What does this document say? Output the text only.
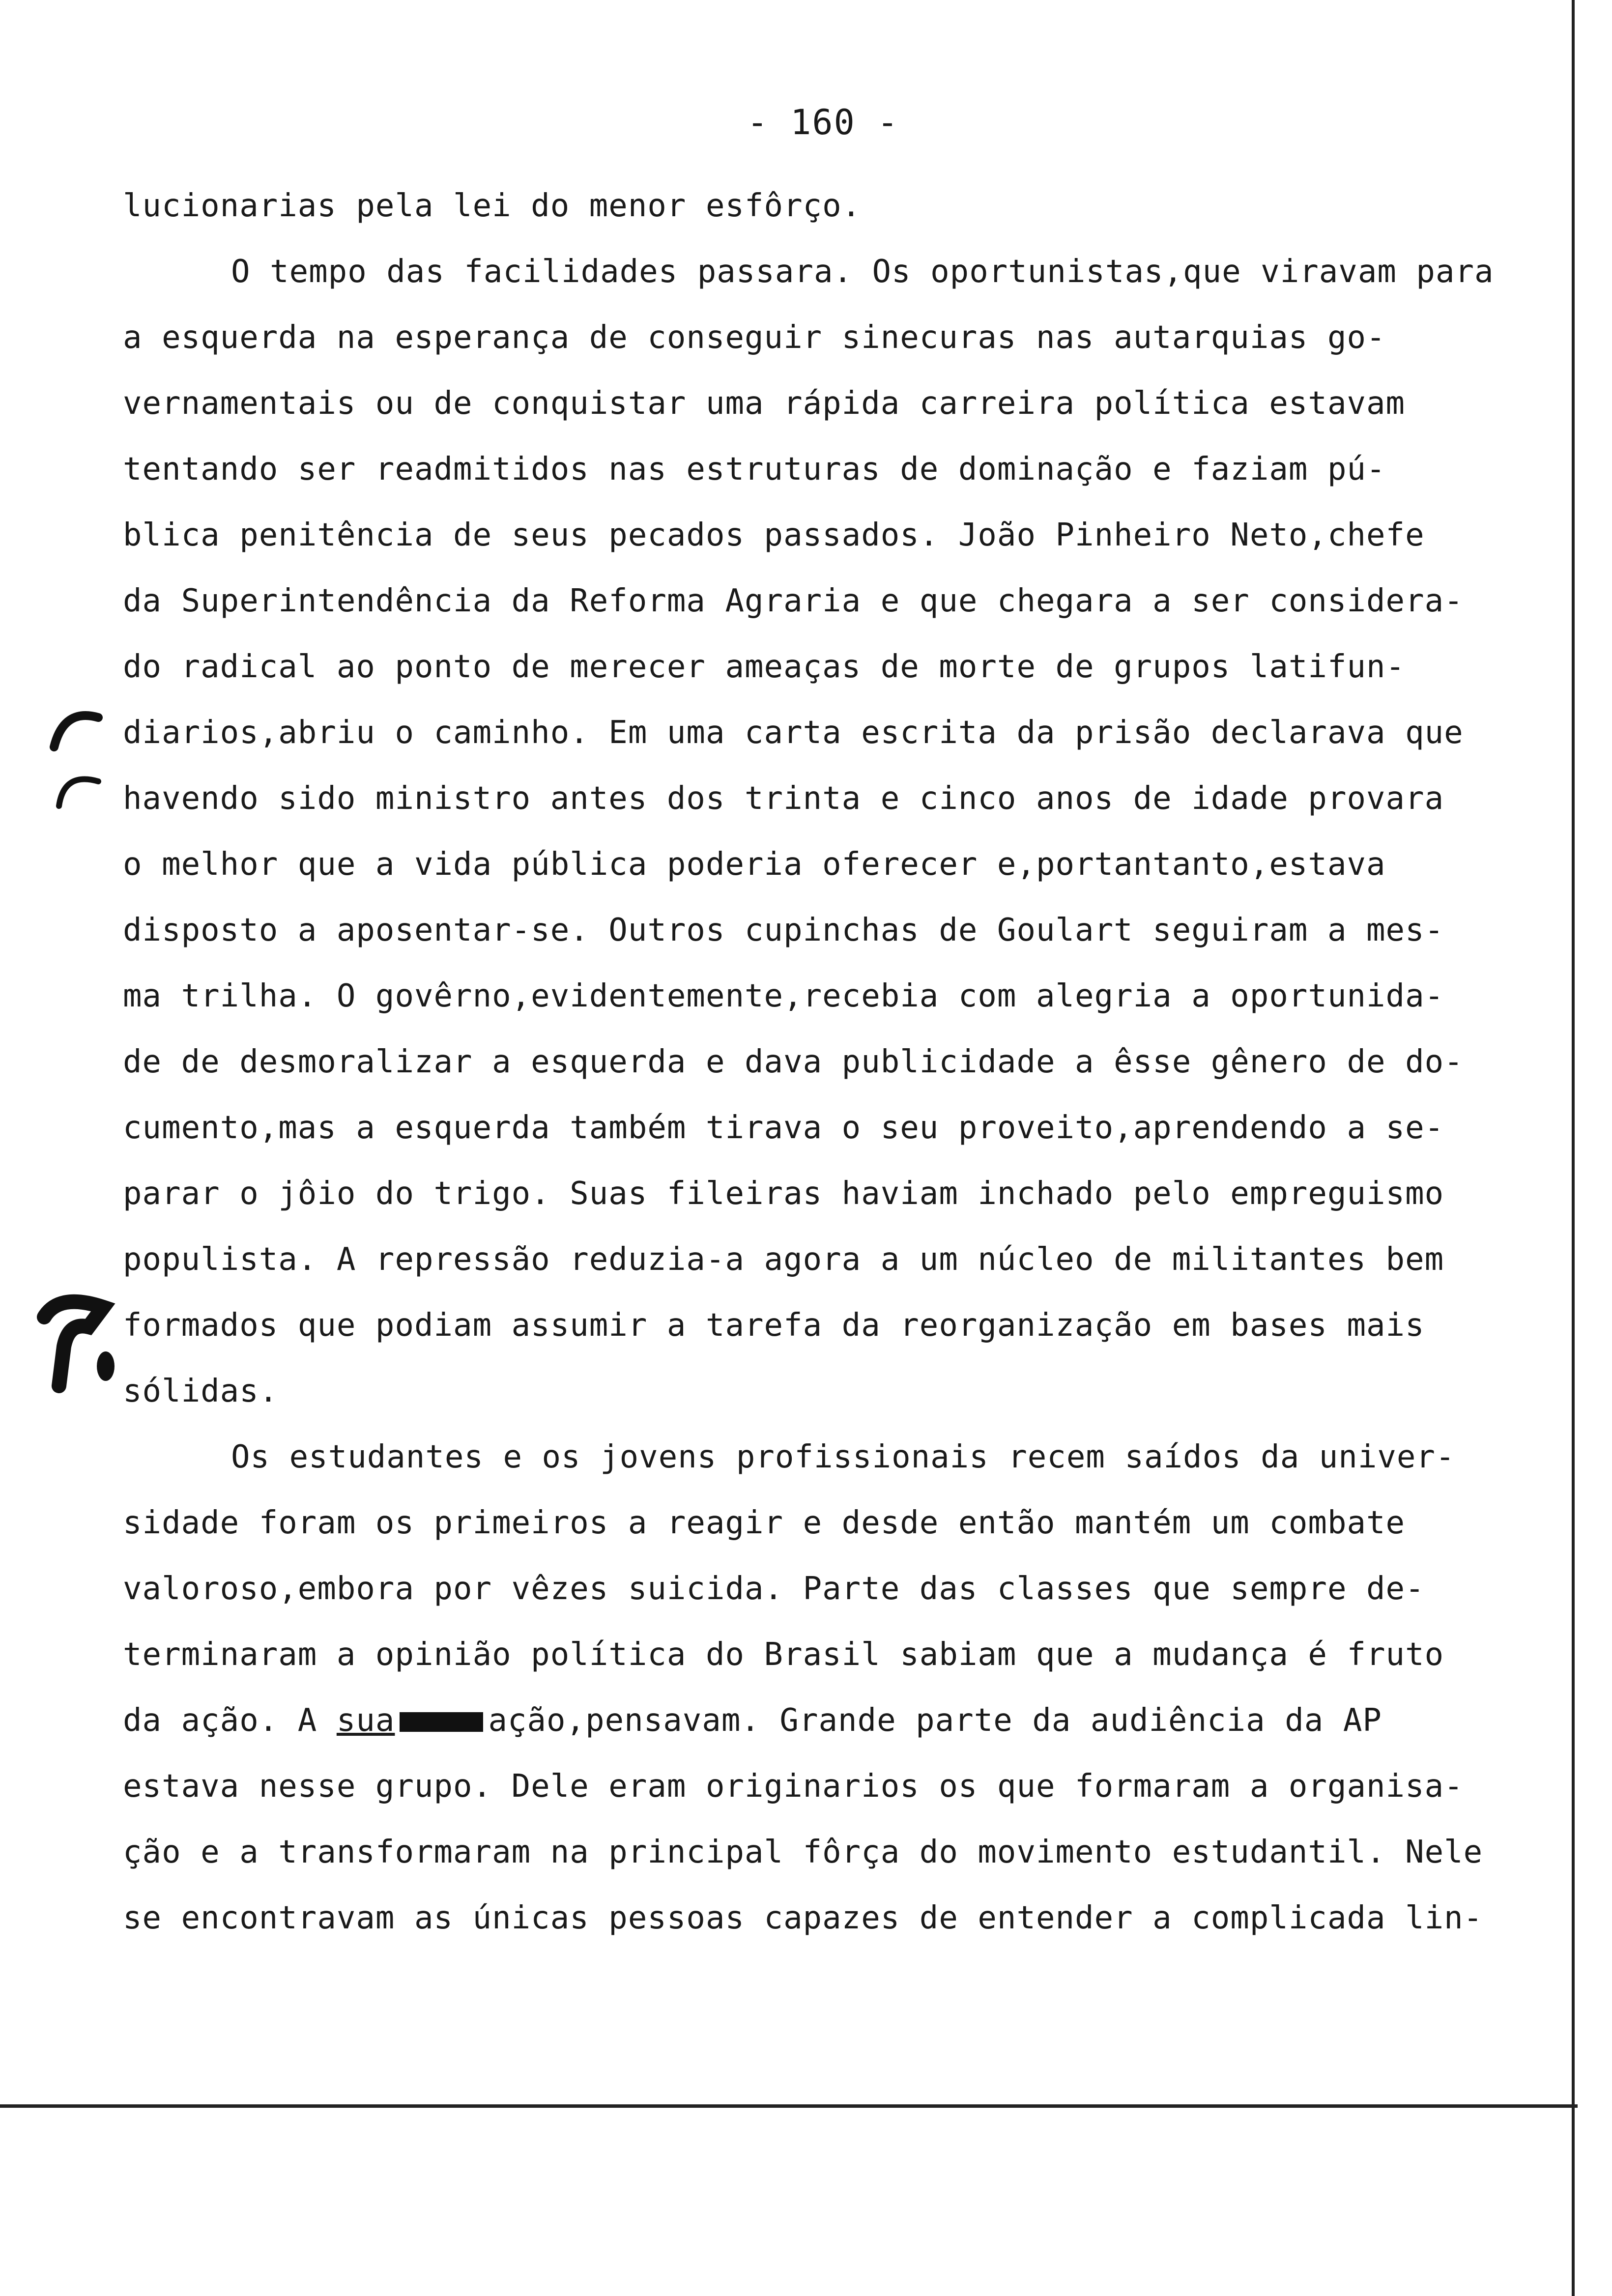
- 160 -
lucionarias pela lei do menor esfôrço.
O tempo das facilidades passara. Os oportunistas,que viravam para
a esquerda na esperança de conseguir sinecuras nas autarquias go-
vernamentais ou de conquistar uma rápida carreira política estavam
tentando ser readmitidos nas estruturas de dominação e faziam pú-
blica penitência de seus pecados passados. João Pinheiro Neto,chefe
da Superintendência da Reforma Agraria e que chegara a ser considera-
do radical ao ponto de merecer ameaças de morte de grupos latifun-
diarios,abriu o caminho. Em uma carta escrita da prisão declarava que
havendo sido ministro antes dos trinta e cinco anos de idade provara
o melhor que a vida pública poderia oferecer e,portantanto,estava
disposto a aposentar-se. Outros cupinchas de Goulart seguiram a mes-
ma trilha. O govêrno,evidentemente,recebia com alegria a oportunida-
de de desmoralizar a esquerda e dava publicidade a êsse gênero de do-
cumento,mas a esquerda também tirava o seu proveito,aprendendo a se-
parar o jôio do trigo. Suas fileiras haviam inchado pelo empreguismo
populista. A repressão reduzia-a agora a um núcleo de militantes bem
formados que podiam assumir a tarefa da reorganização em bases mais
sólidas.
Os estudantes e os jovens profissionais recem saídos da univer-
sidade foram os primeiros a reagir e desde então mantém um combate
valoroso,embora por vêzes suicida. Parte das classes que sempre de-
terminaram a opinião política do Brasil sabiam que a mudança é fruto
da ação. A sua	ação,pensavam. Grande parte da audiência da AP
estava nesse grupo. Dele eram originarios os que formaram a organisa-
ção e a transformaram na principal fôrça do movimento estudantil. Nele
se encontravam as únicas pessoas capazes de entender a complicada lin-
